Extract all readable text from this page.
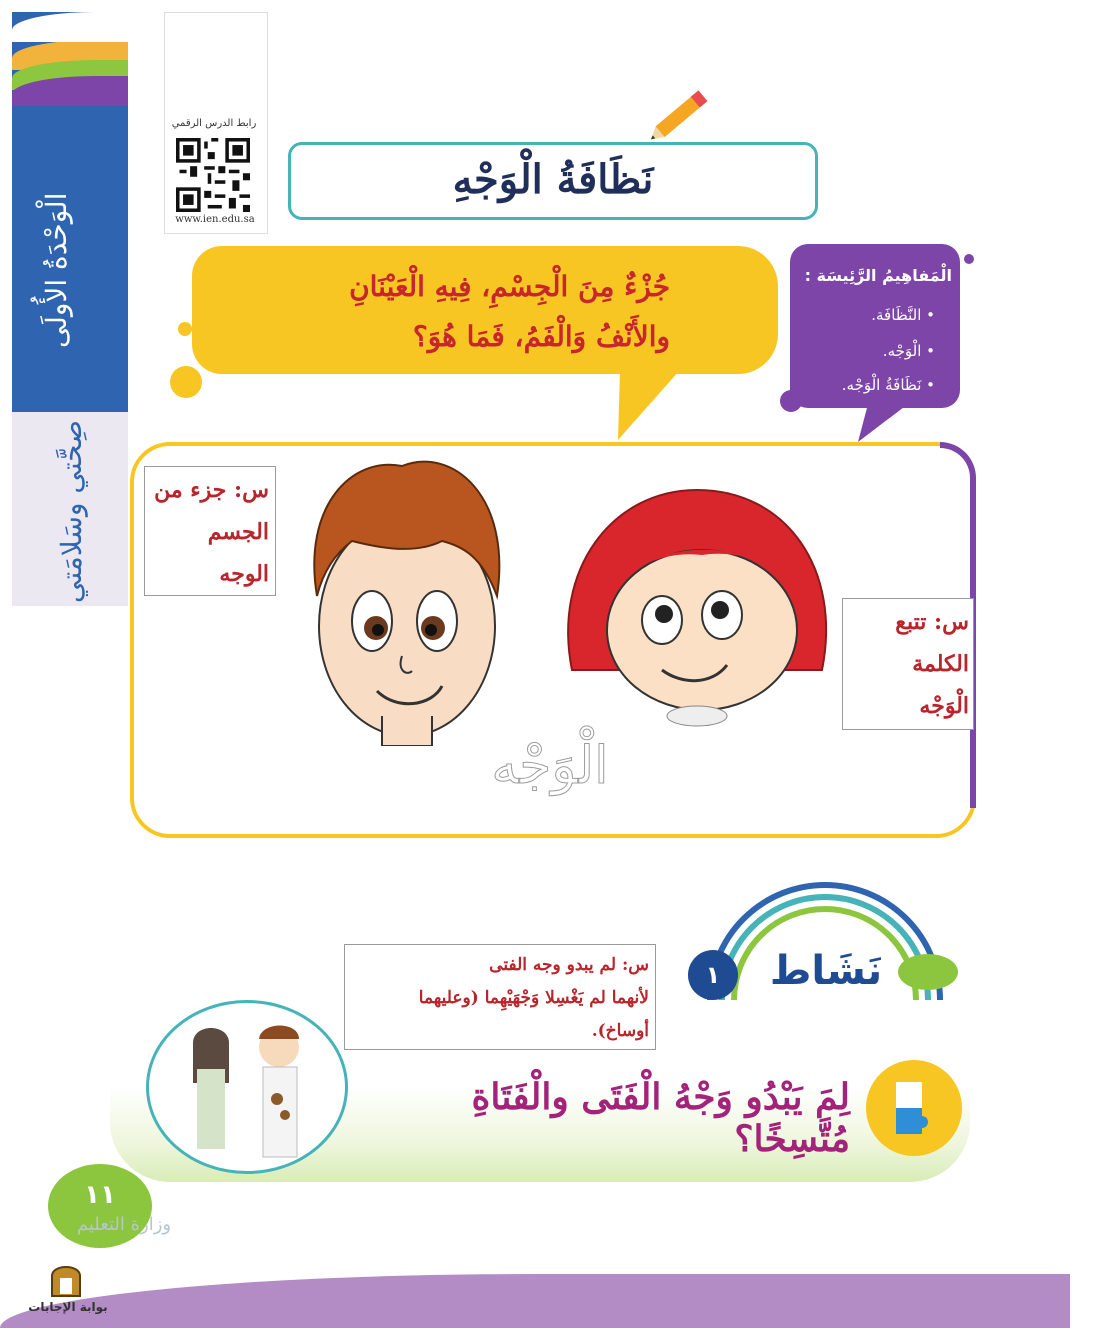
الْوَحْدَةُ الأُولَى
صِحَّتي وسَلامَتي
رابط الدرس الرقمي
www.ien.edu.sa
نَظَافَةُ الْوَجْهِ
جُزْءٌ مِنَ الْجِسْمِ، فِيهِ الْعَيْنَانِ
والأَنْفُ وَالْفَمُ، فَمَا هُوَ؟
الْمَفاهِيمُ الرَّئِيسَة :
• النَّظَافَة.
• الْوَجْه.
• نَظَافَةُ الْوَجْه.
س: جزء من
الجسم
الوجه
س: تتبع
الكلمة
الْوَجْه
الْوَجْه
١	نَشَاط
س: لم يبدو وجه الفتى
لأنهما لم يَغْسِلا وَجْهَيْهِما (وعليهما
أوساخ).
لِمَ يَبْدُو وَجْهُ الْفَتَى والْفَتَاةِ مُتَّسِخًا؟
١١
وزارة التعليم
بوابة الإجابات
